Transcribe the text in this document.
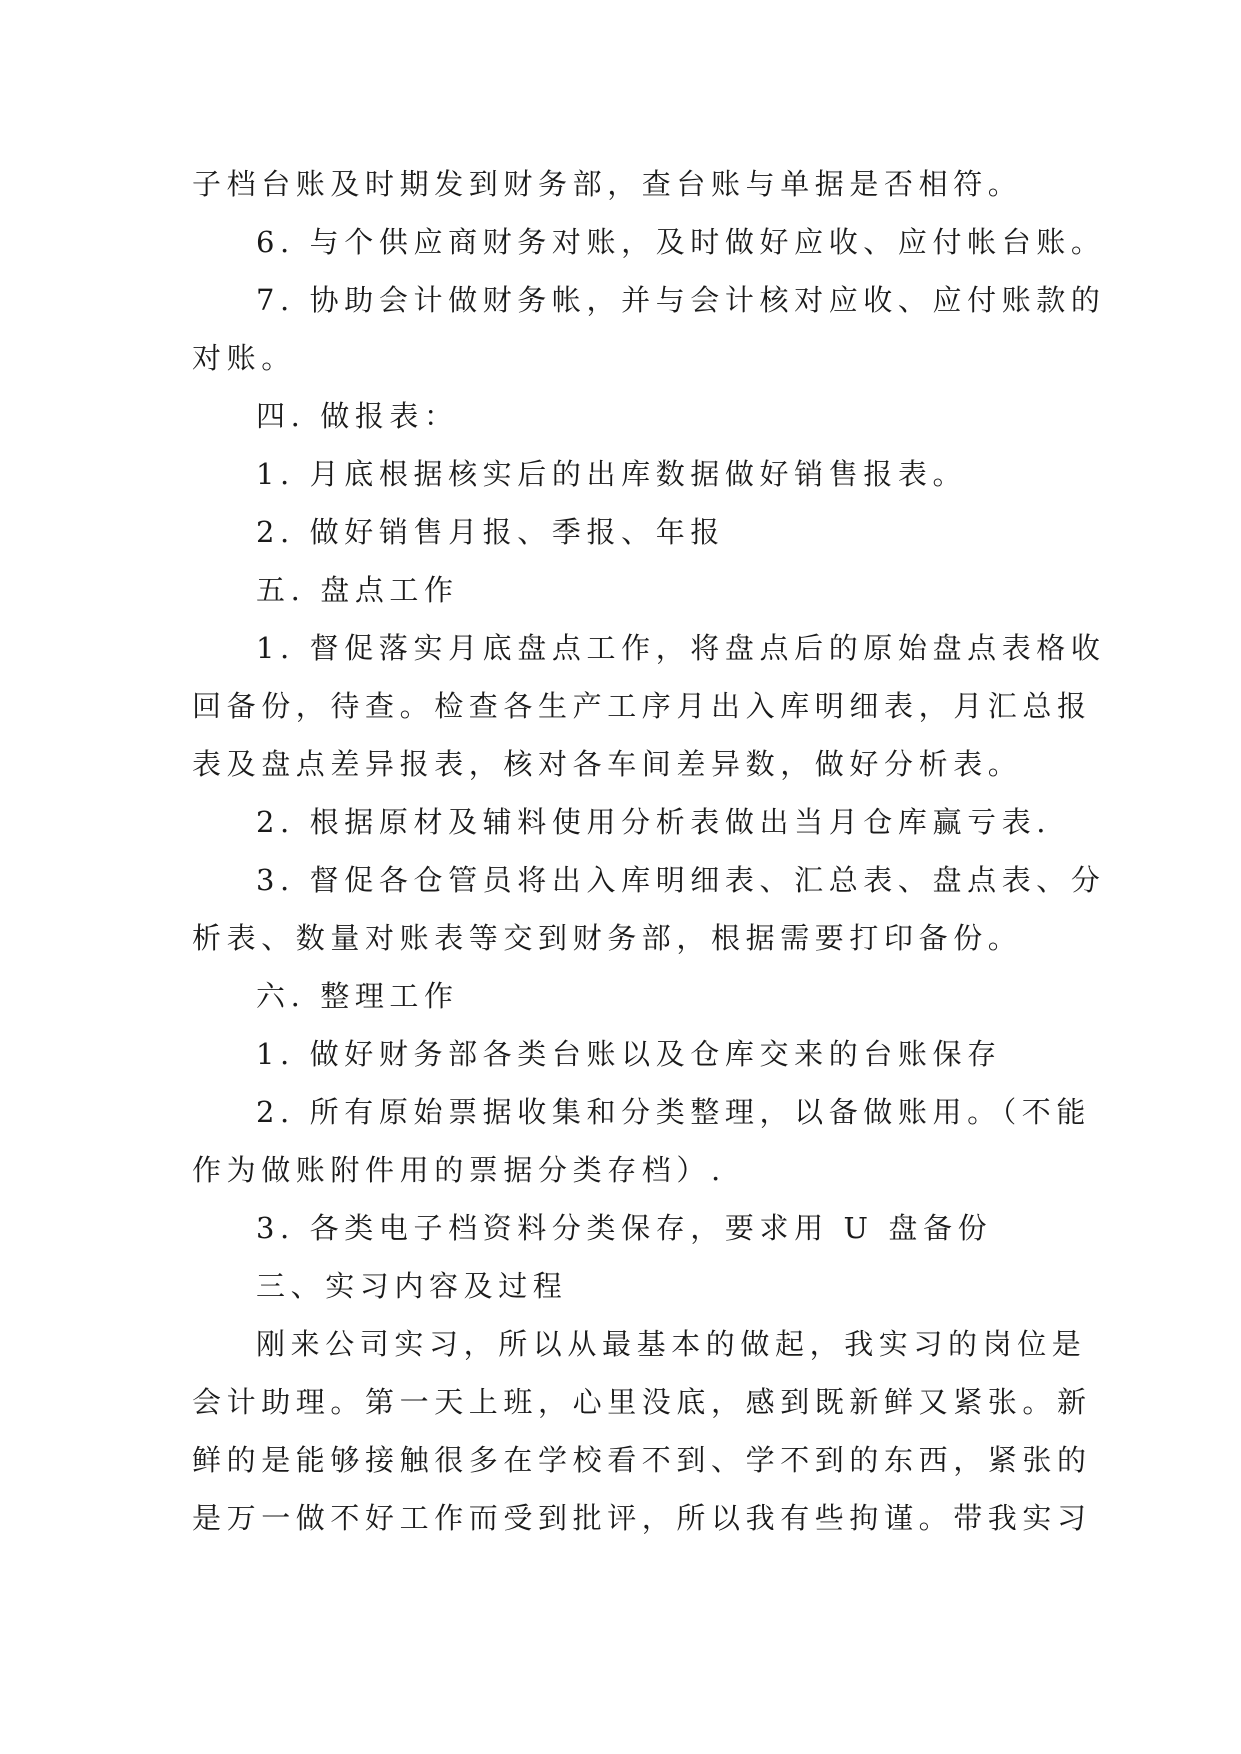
子档台账及时期发到财务部，查台账与单据是否相符。
6. 与个供应商财务对账，及时做好应收、应付帐台账。
7. 协助会计做财务帐，并与会计核对应收、应付账款的
对账。
四. 做报表：
1. 月底根据核实后的出库数据做好销售报表。
2. 做好销售月报、季报、年报
五. 盘点工作
1. 督促落实月底盘点工作，将盘点后的原始盘点表格收
回备份，待查。检查各生产工序月出入库明细表，月汇总报
表及盘点差异报表，核对各车间差异数，做好分析表。
2. 根据原材及辅料使用分析表做出当月仓库赢亏表.
3. 督促各仓管员将出入库明细表、汇总表、盘点表、分
析表、数量对账表等交到财务部，根据需要打印备份。
六. 整理工作
1. 做好财务部各类台账以及仓库交来的台账保存
2. 所有原始票据收集和分类整理，以备做账用。（不能
作为做账附件用的票据分类存档）.
3. 各类电子档资料分类保存，要求用 U 盘备份
三、实习内容及过程
刚来公司实习，所以从最基本的做起，我实习的岗位是
会计助理。第一天上班，心里没底，感到既新鲜又紧张。新
鲜的是能够接触很多在学校看不到、学不到的东西，紧张的
是万一做不好工作而受到批评，所以我有些拘谨。带我实习
